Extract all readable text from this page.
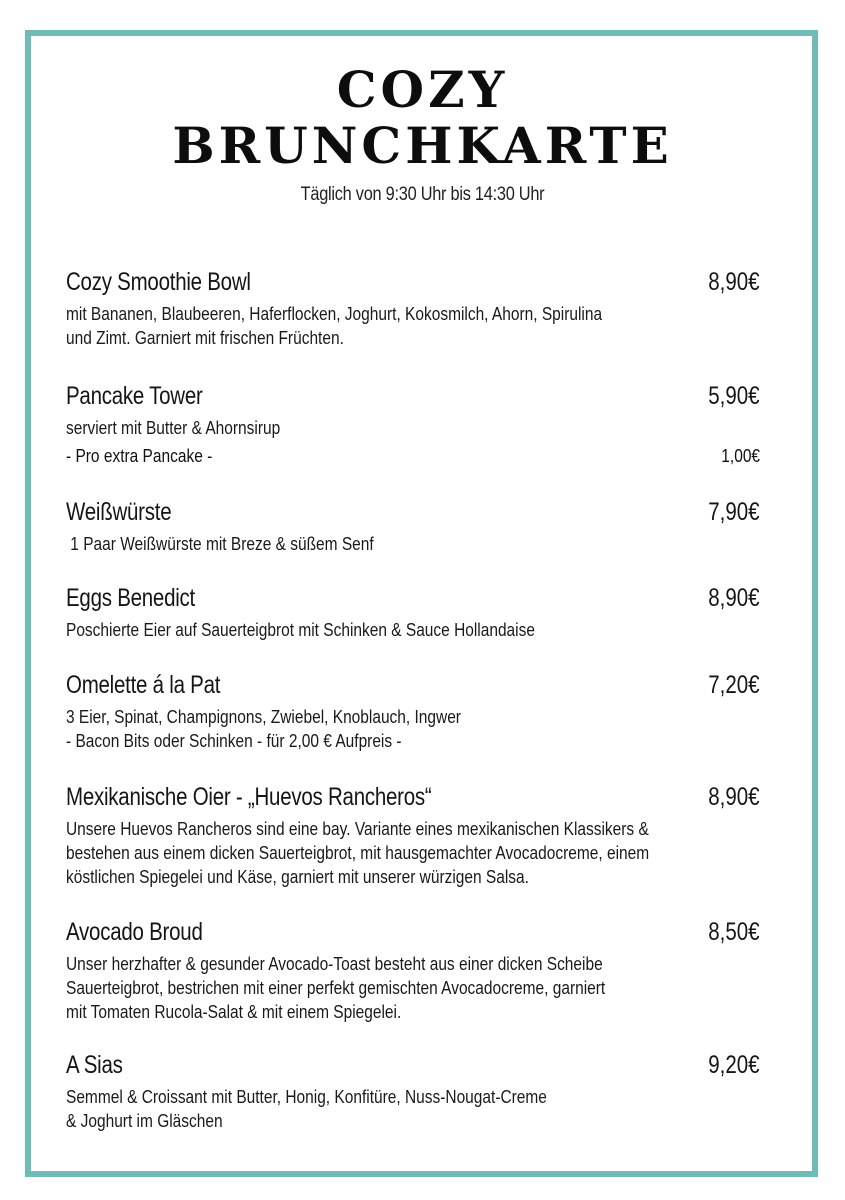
COZY
BRUNCHKARTE
Täglich von 9:30 Uhr bis 14:30 Uhr
Cozy Smoothie Bowl	8,90€
mit Bananen, Blaubeeren, Haferflocken, Joghurt, Kokosmilch, Ahorn, Spirulina
und Zimt. Garniert mit frischen Früchten.
Pancake Tower	5,90€
serviert mit Butter & Ahornsirup
- Pro extra Pancake -	1,00€
Weißwürste	7,90€
1 Paar Weißwürste mit Breze & süßem Senf
Eggs Benedict	8,90€
Poschierte Eier auf Sauerteigbrot mit Schinken & Sauce Hollandaise
Omelette á la Pat	7,20€
3 Eier, Spinat, Champignons, Zwiebel, Knoblauch, Ingwer
- Bacon Bits oder Schinken - für 2,00 € Aufpreis -
Mexikanische Oier - „Huevos Rancheros“	8,90€
Unsere Huevos Rancheros sind eine bay. Variante eines mexikanischen Klassikers &
bestehen aus einem dicken Sauerteigbrot, mit hausgemachter Avocadocreme, einem
köstlichen Spiegelei und Käse, garniert mit unserer würzigen Salsa.
Avocado Broud	8,50€
Unser herzhafter & gesunder Avocado-Toast besteht aus einer dicken Scheibe
Sauerteigbrot, bestrichen mit einer perfekt gemischten Avocadocreme, garniert
mit Tomaten Rucola-Salat & mit einem Spiegelei.
A Sias	9,20€
Semmel & Croissant mit Butter, Honig, Konfitüre, Nuss-Nougat-Creme
& Joghurt im Gläschen
